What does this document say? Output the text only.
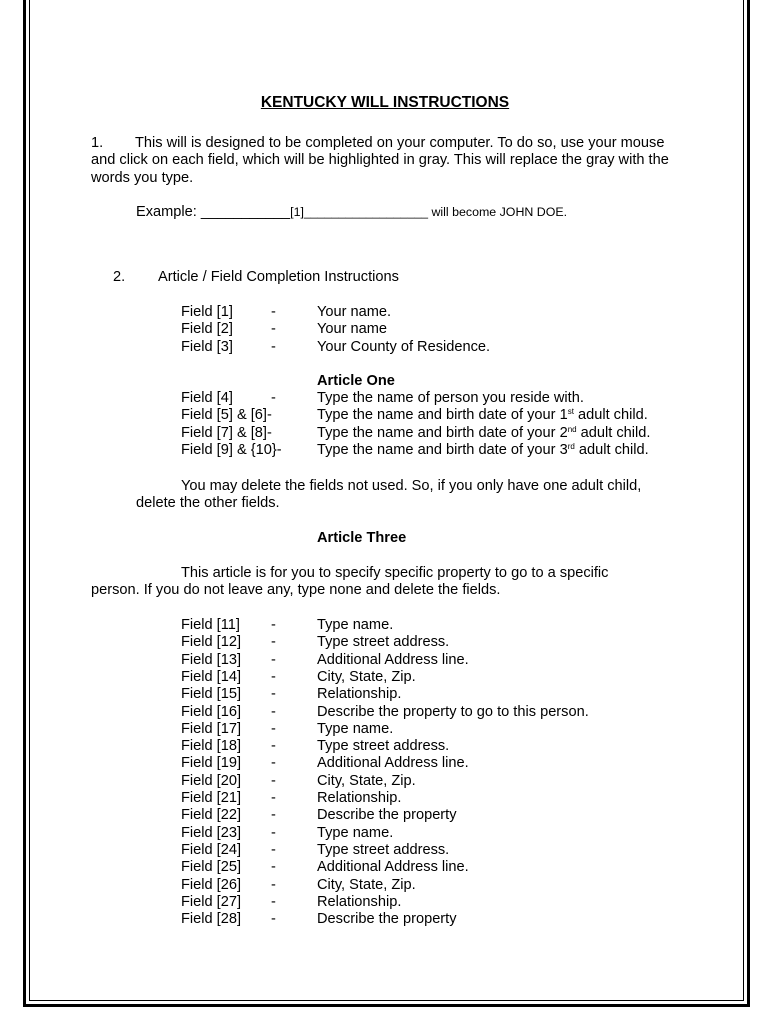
KENTUCKY WILL INSTRUCTIONS
1. This will is designed to be completed on your computer. To do so, use your mouse and click on each field, which will be highlighted in gray. This will replace the gray with the words you type.
Example: ___________[1]__________________ will become JOHN DOE.
2. Article / Field Completion Instructions
Field [1]	-	Your name.
Field [2]	-	Your name
Field [3]	-	Your County of Residence.
Article One
Field [4]	-	Type the name of person you reside with.
Field [5] & [6]-	Type the name and birth date of your 1st adult child.
Field [7] & [8]-	Type the name and birth date of your 2nd adult child.
Field [9] & {10}- Type the name and birth date of your 3rd adult child.
You may delete the fields not used. So, if you only have one adult child,
delete the other fields.
Article Three
This article is for you to specify specific property to go to a specific
person. If you do not leave any, type none and delete the fields.
Field [11] -	Type name.
Field [12] -	Type street address.
Field [13] -	Additional Address line.
Field [14] -	City, State, Zip.
Field [15] -	Relationship.
Field [16] -	Describe the property to go to this person.
Field [17] -	Type name.
Field [18] -	Type street address.
Field [19] -	Additional Address line.
Field [20] -	City, State, Zip.
Field [21] -	Relationship.
Field [22] -	Describe the property
Field [23] -	Type name.
Field [24] -	Type street address.
Field [25] -	Additional Address line.
Field [26] -	City, State, Zip.
Field [27] -	Relationship.
Field [28] -	Describe the property
